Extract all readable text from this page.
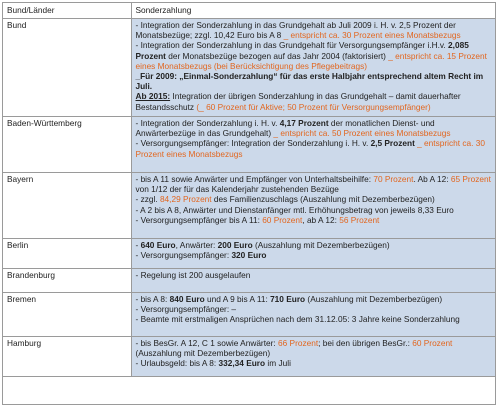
Bund/Länder	Sonderzahlung
Bund	- Integration der Sonderzahlung in das Grundgehalt ab Juli 2009 i. H. v. 2,5 Prozent der Monatsbezüge; zzgl. 10,42 Euro bis A 8 _ entspricht ca. 30 Prozent eines Monatsbezugs
- Integration der Sonderzahlung in das Grundgehalt für Versorgungsempfänger i.H.v. 2,085 Prozent der Monatsbezüge bezogen auf das Jahr 2004 (faktorisiert) _ entspricht ca. 15 Prozent eines Monatsbezugs (bei Berücksichtigung des Pflegebeitrags)
_Für 2009: „Einmal-Sonderzahlung“ für das erste Halbjahr entsprechend altem Recht im Juli.
Ab 2015: Integration der übrigen Sonderzahlung in das Grundgehalt – damit dauerhafter Bestandsschutz (_ 60 Prozent für Aktive; 50 Prozent für Versorgungsempfänger)

Baden-Württemberg	- Integration der Sonderzahlung i. H. v. 4,17 Prozent der monatlichen Dienst- und Anwärterbezüge in das Grundgehalt) _ entspricht ca. 50 Prozent eines Monatsbezugs
- Versorgungsempfänger: Integration der Sonderzahlung i. H. v. 2,5 Prozent _ entspricht ca. 30 Prozent eines Monatsbezugs

Bayern	- bis A 11 sowie Anwärter und Empfänger von Unterhaltsbeihilfe: 70 Prozent. Ab A 12: 65 Prozent von 1/12 der für das Kalenderjahr zustehenden Bezüge
- zzgl. 84,29 Prozent des Familienzuschlags (Auszahlung mit Dezemberbezügen)
- A 2 bis A 8, Anwärter und Dienstanfänger mtl. Erhöhungsbetrag von jeweils 8,33 Euro
- Versorgungsempfänger bis A 11: 60 Prozent, ab A 12: 56 Prozent

Berlin	- 640 Euro, Anwärter: 200 Euro (Auszahlung mit Dezemberbezügen)
- Versorgungsempfänger: 320 Euro

Brandenburg	- Regelung ist 200 ausgelaufen

Bremen	- bis A 8: 840 Euro und A 9 bis A 11: 710 Euro (Auszahlung mit Dezemberbezügen)
- Versorgungsempfänger: –
- Beamte mit erstmaligen Ansprüchen nach dem 31.12.05: 3 Jahre keine Sonderzahlung

Hamburg	- bis BesGr. A 12, C 1 sowie Anwärter: 66 Prozent; bei den übrigen BesGr.: 60 Prozent (Auszahlung mit Dezemberbezügen)
- Urlaubsgeld: bis A 8: 332,34 Euro im Juli
